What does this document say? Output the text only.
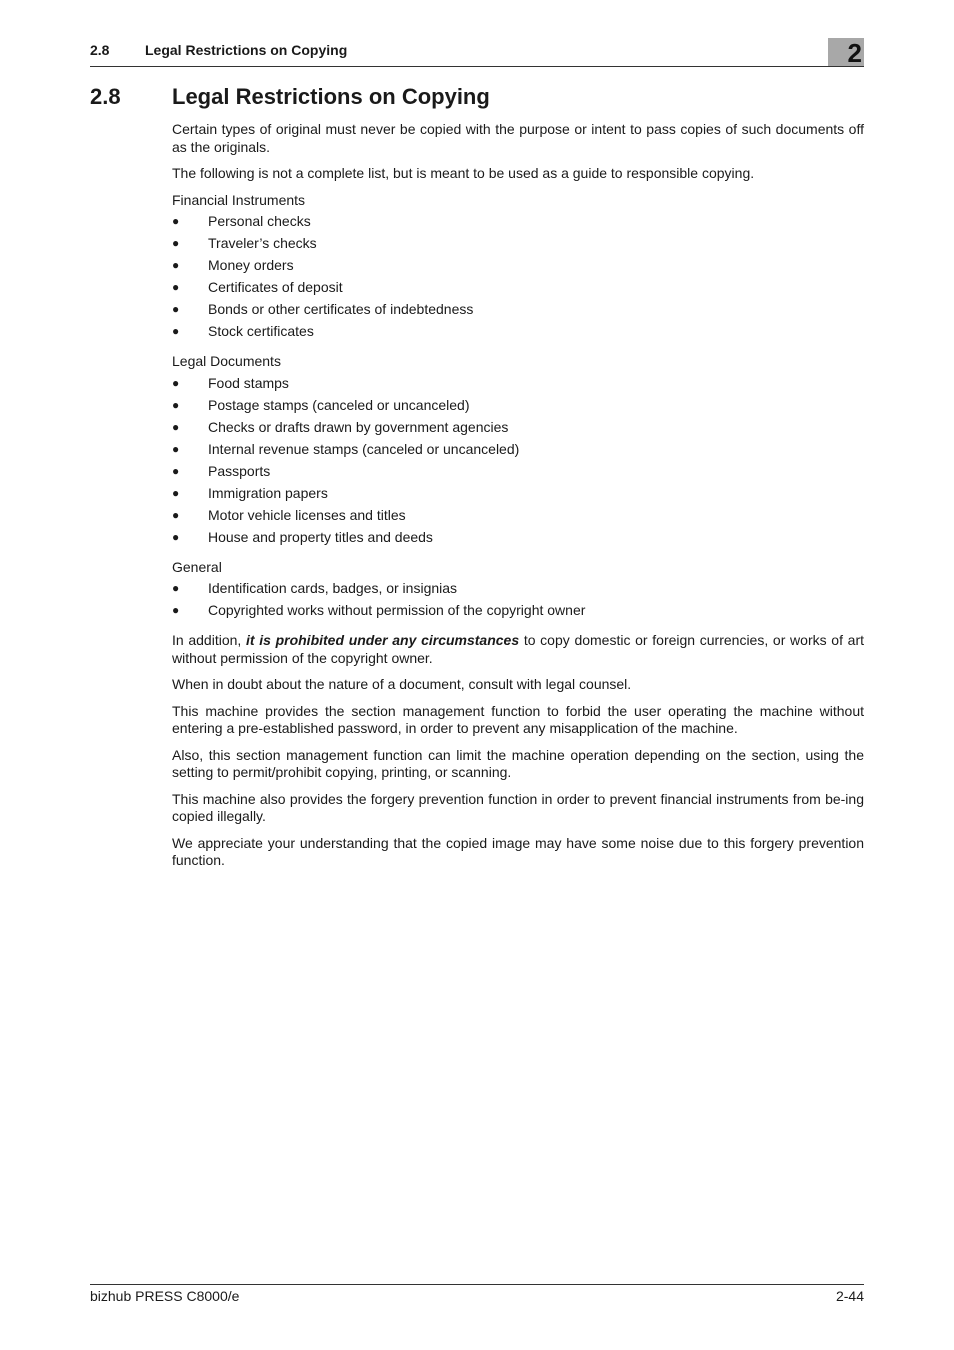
2.8	Legal Restrictions on Copying	2
2.8 Legal Restrictions on Copying

Certain types of original must never be copied with the purpose or intent to pass copies of such documents off as the originals.

The following is not a complete list, but is meant to be used as a guide to responsible copying.

Financial Instruments

● Personal checks
● Traveler’s checks
● Money orders
● Certificates of deposit
● Bonds or other certificates of indebtedness
● Stock certificates

Legal Documents

● Food stamps
● Postage stamps (canceled or uncanceled)
● Checks or drafts drawn by government agencies
● Internal revenue stamps (canceled or uncanceled)
● Passports
● Immigration papers
● Motor vehicle licenses and titles
● House and property titles and deeds

General

● Identification cards, badges, or insignias
● Copyrighted works without permission of the copyright owner

In addition, it is prohibited under any circumstances to copy domestic or foreign currencies, or works of art without permission of the copyright owner.

When in doubt about the nature of a document, consult with legal counsel.

This machine provides the section management function to forbid the user operating the machine without entering a pre-established password, in order to prevent any misapplication of the machine.

Also, this section management function can limit the machine operation depending on the section, using the setting to permit/prohibit copying, printing, or scanning.

This machine also provides the forgery prevention function in order to prevent financial instruments from be-ing copied illegally.

We appreciate your understanding that the copied image may have some noise due to this forgery prevention function.

bizhub PRESS C8000/e	2-44
